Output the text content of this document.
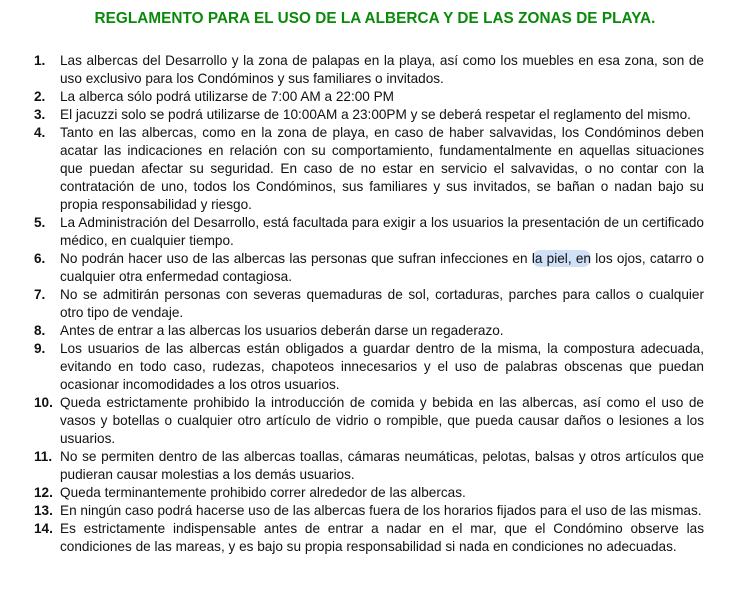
REGLAMENTO PARA EL USO DE LA ALBERCA Y DE LAS ZONAS DE PLAYA.
1.	Las albercas del Desarrollo y la zona de palapas en la playa, así como los muebles en esa zona, son de uso exclusivo para los Condóminos y sus familiares o invitados.
2.	La alberca sólo podrá utilizarse de 7:00 AM a 22:00 PM
3.	El jacuzzi solo se podrá utilizarse de 10:00AM a 23:00PM y se deberá respetar el reglamento del mismo.
4.	Tanto en las albercas, como en la zona de playa, en caso de haber salvavidas, los Condóminos deben acatar las indicaciones en relación con su comportamiento, fundamentalmente en aquellas situaciones que puedan afectar su seguridad. En caso de no estar en servicio el salvavidas, o no contar con la contratación de uno, todos los Condóminos, sus familiares y sus invitados, se bañan o nadan bajo su propia responsabilidad y riesgo.
5.	La Administración del Desarrollo, está facultada para exigir a los usuarios la presentación de un certificado médico, en cualquier tiempo.
6.	No podrán hacer uso de las albercas las personas que sufran infecciones en la piel, en los ojos, catarro o cualquier otra enfermedad contagiosa.
7.	No se admitirán personas con severas quemaduras de sol, cortaduras, parches para callos o cualquier otro tipo de vendaje.
8.	Antes de entrar a las albercas los usuarios deberán darse un regaderazo.
9.	Los usuarios de las albercas están obligados a guardar dentro de la misma, la compostura adecuada, evitando en todo caso, rudezas, chapoteos innecesarios y el uso de palabras obscenas que puedan ocasionar incomodidades a los otros usuarios.
10. Queda estrictamente prohibido la introducción de comida y bebida en las albercas, así como el uso de vasos y botellas o cualquier otro artículo de vidrio o rompible, que pueda causar daños o lesiones a los usuarios.
11. No se permiten dentro de las albercas toallas, cámaras neumáticas, pelotas, balsas y otros artículos que pudieran causar molestias a los demás usuarios.
12. Queda terminantemente prohibido correr alrededor de las albercas.
13. En ningún caso podrá hacerse uso de las albercas fuera de los horarios fijados para el uso de las mismas.
14. Es estrictamente indispensable antes de entrar a nadar en el mar, que el Condómino observe las condiciones de las mareas, y es bajo su propia responsabilidad si nada en condiciones no adecuadas.
